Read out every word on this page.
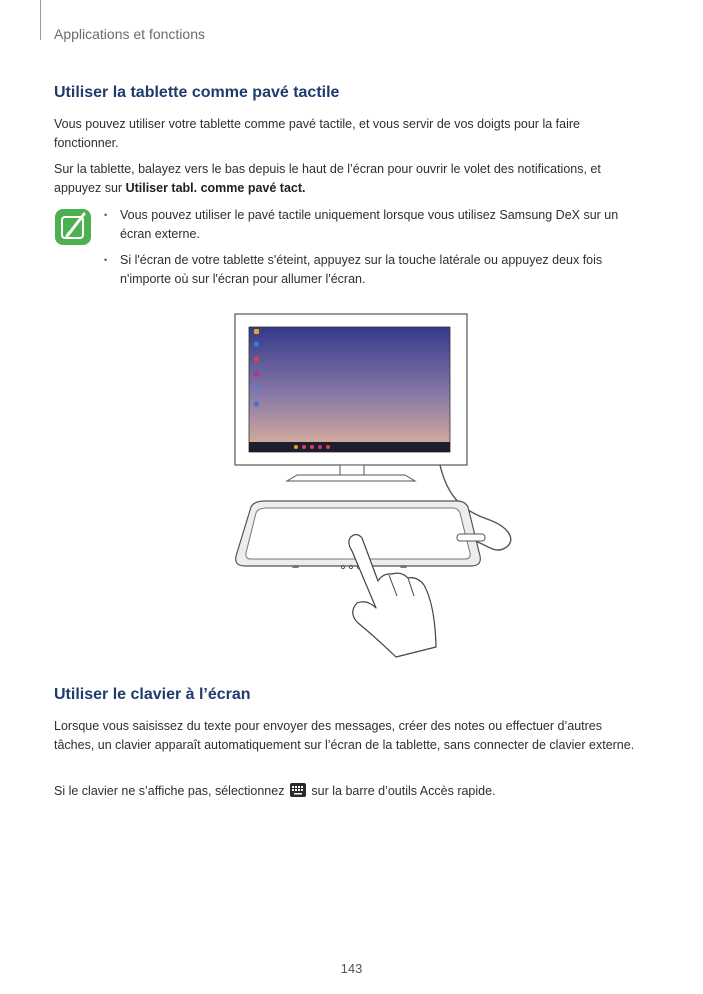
Applications et fonctions
Utiliser la tablette comme pavé tactile
Vous pouvez utiliser votre tablette comme pavé tactile, et vous servir de vos doigts pour la faire fonctionner.
Sur la tablette, balayez vers le bas depuis le haut de l’écran pour ouvrir le volet des notifications, et appuyez sur Utiliser tabl. comme pavé tact.
• Vous pouvez utiliser le pavé tactile uniquement lorsque vous utilisez Samsung DeX sur un écran externe.
• Si l'écran de votre tablette s'éteint, appuyez sur la touche latérale ou appuyez deux fois n'importe où sur l'écran pour allumer l'écran.
Utiliser le clavier à l’écran
Lorsque vous saisissez du texte pour envoyer des messages, créer des notes ou effectuer d’autres tâches, un clavier apparaît automatiquement sur l’écran de la tablette, sans connecter de clavier externe.
Si le clavier ne s’affiche pas, sélectionnez sur la barre d’outils Accès rapide.
143
